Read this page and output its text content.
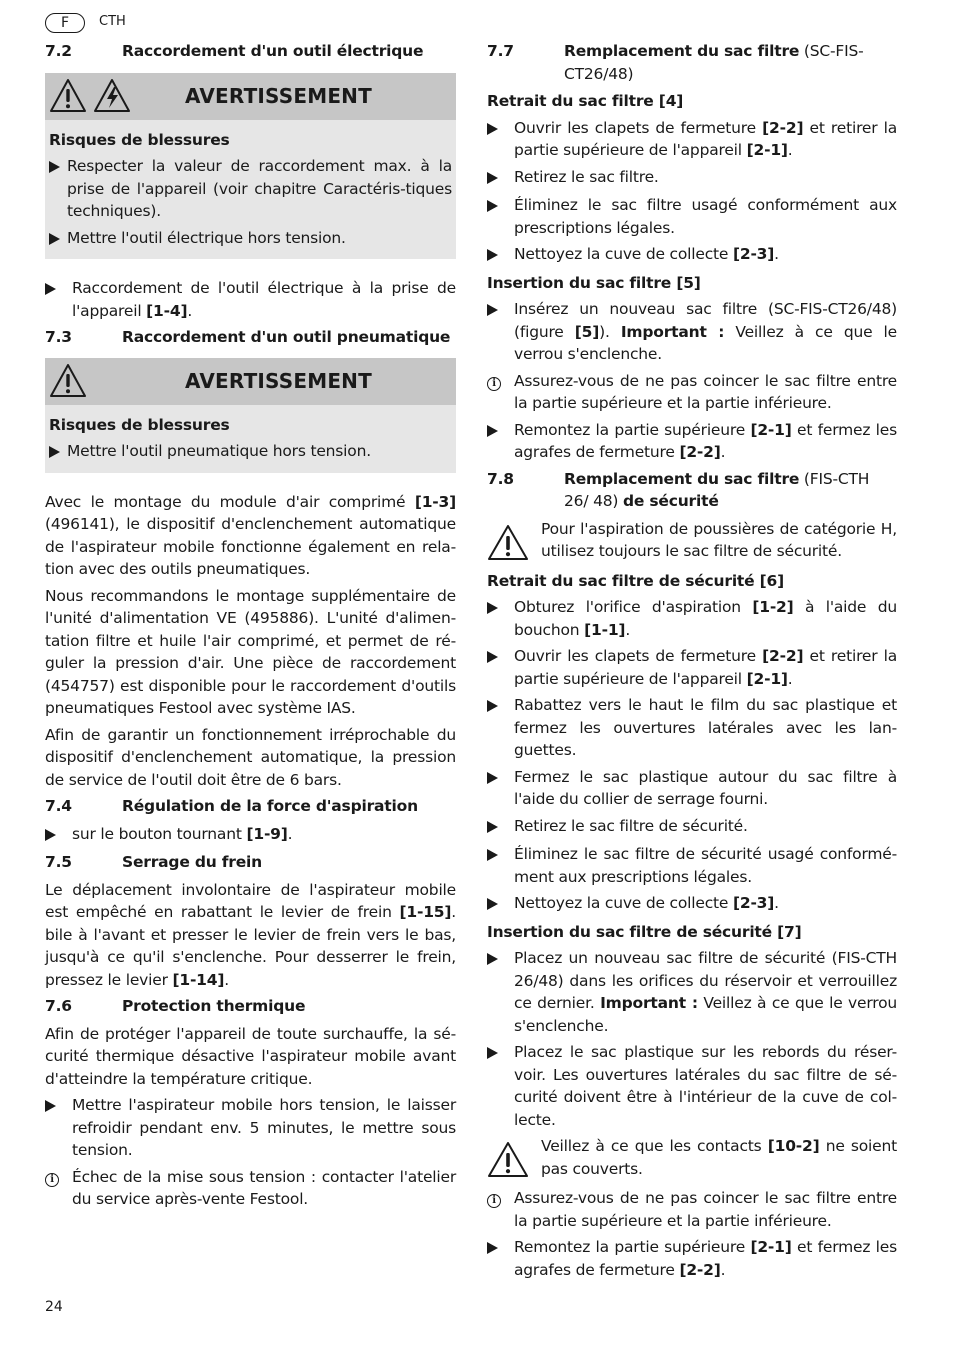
F	CTH
7.2	Raccordement d'un outil électrique
AVERTISSEMENT
Risques de blessures
Respecter la valeur de raccordement max. à la prise de l'appareil (voir chapitre Caractéris-tiques techniques).
Mettre l'outil électrique hors tension.
Raccordement de l'outil électrique à la prise de l'appareil [1-4].
7.3	Raccordement d'un outil pneumatique
AVERTISSEMENT
Risques de blessures
Mettre l'outil pneumatique hors tension.

Avec le montage du module d'air comprimé [1-3] (496141), le dispositif d'enclenchement automatique de l'aspirateur mobile fonctionne également en rela-tion avec des outils pneumatiques.

Nous recommandons le montage supplémentaire de l'unité d'alimentation VE (495886). L'unité d'alimen-tation filtre et huile l'air comprimé, et permet de ré-guler la pression d'air. Une pièce de raccordement (454757) est disponible pour le raccordement d'outils pneumatiques Festool avec système IAS.

Afin de garantir un fonctionnement irréprochable du dispositif d'enclenchement automatique, la pression de service de l'outil doit être de 6 bars.

7.4	Régulation de la force d'aspiration
sur le bouton tournant [1-9].
7.5	Serrage du frein

Le déplacement involontaire de l'aspirateur mobile est empêché en rabattant le levier de frein [1-15]. bile à l'avant et presser le levier de frein vers le bas, jusqu'à ce qu'il s'enclenche. Pour desserrer le frein, pressez le levier [1-14].

7.6	Protection thermique

Afin de protéger l'appareil de toute surchauffe, la sé-curité thermique désactive l'aspirateur mobile avant d'atteindre la température critique.

Mettre l'aspirateur mobile hors tension, le laisser refroidir pendant env. 5 minutes, le mettre sous tension.
i	Échec de la mise sous tension : contacter l'atelier du service après-vente Festool.
7.7	Remplacement du sac filtre (SC-FIS-CT26/48)
Retrait du sac filtre [4]
Ouvrir les clapets de fermeture [2-2] et retirer la partie supérieure de l'appareil [2-1].
Retirez le sac filtre.
Éliminez le sac filtre usagé conformément aux prescriptions légales.
Nettoyez la cuve de collecte [2-3].
Insertion du sac filtre [5]
Insérez un nouveau sac filtre (SC-FIS-CT26/48) (figure [5]). Important : Veillez à ce que le verrou s'enclenche.
i	Assurez-vous de ne pas coincer le sac filtre entre la partie supérieure et la partie inférieure.
Remontez la partie supérieure [2-1] et fermez les agrafes de fermeture [2-2].
7.8	Remplacement du sac filtre (FIS-CTH 26/ 48) de sécurité
Pour l'aspiration de poussières de catégorie H, utilisez toujours le sac filtre de sécurité.
Retrait du sac filtre de sécurité [6]
Obturez l'orifice d'aspiration [1-2] à l'aide du bouchon [1-1].
Ouvrir les clapets de fermeture [2-2] et retirer la partie supérieure de l'appareil [2-1].
Rabattez vers le haut le film du sac plastique et fermez les ouvertures latérales avec les lan-guettes.
Fermez le sac plastique autour du sac filtre à l'aide du collier de serrage fourni.
Retirez le sac filtre de sécurité.
Éliminez le sac filtre de sécurité usagé conformé-ment aux prescriptions légales.
Nettoyez la cuve de collecte [2-3].
Insertion du sac filtre de sécurité [7]
Placez un nouveau sac filtre de sécurité (FIS-CTH 26/48) dans les orifices du réservoir et verrouillez ce dernier. Important : Veillez à ce que le verrou s'enclenche.
Placez le sac plastique sur les rebords du réser-voir. Les ouvertures latérales du sac filtre de sé-curité doivent être à l'intérieur de la cuve de col-lecte.
Veillez à ce que les contacts [10-2] ne soient pas couverts.
i	Assurez-vous de ne pas coincer le sac filtre entre la partie supérieure et la partie inférieure.
Remontez la partie supérieure [2-1] et fermez les agrafes de fermeture [2-2].
24
